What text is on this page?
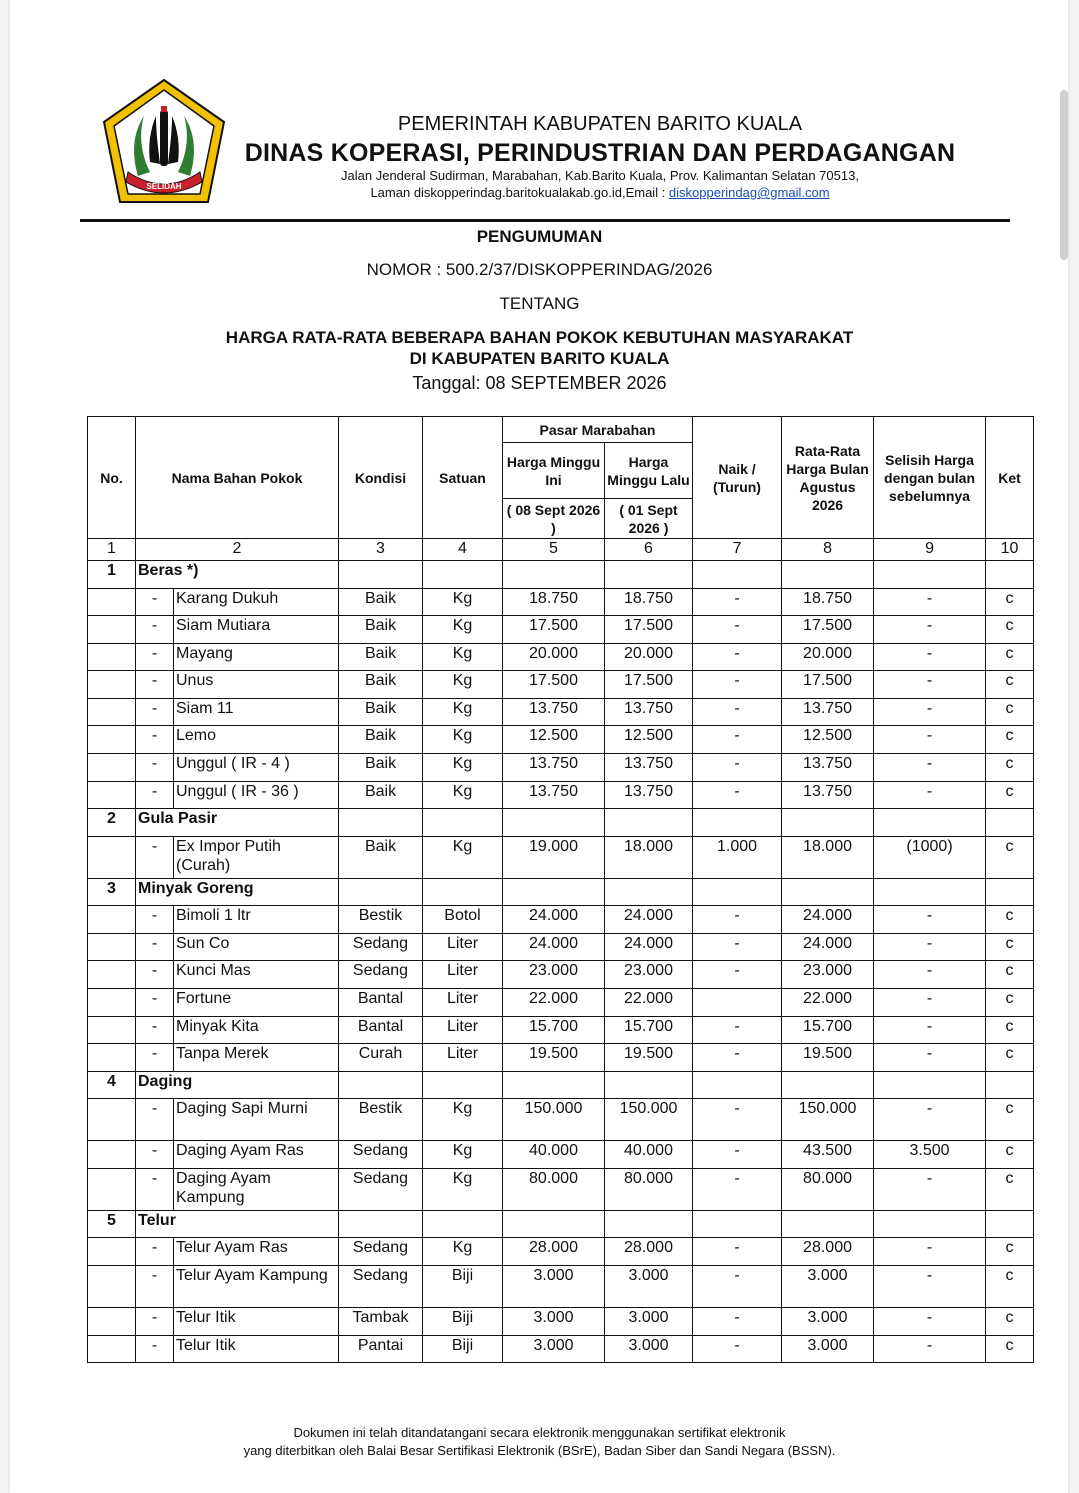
SELIDAH
PEMERINTAH KABUPATEN BARITO KUALA
DINAS KOPERASI, PERINDUSTRIAN DAN PERDAGANGAN
Jalan Jenderal Sudirman, Marabahan, Kab.Barito Kuala, Prov. Kalimantan Selatan 70513,
Laman diskopperindag.baritokualakab.go.id,Email : diskopperindag@gmail.com
PENGUMUMAN
NOMOR : 500.2/37/DISKOPPERINDAG/2026
TENTANG
HARGA RATA-RATA BEBERAPA BAHAN POKOK KEBUTUHAN MASYARAKAT
DI KABUPATEN BARITO KUALA
Tanggal: 08 SEPTEMBER 2026
No.	Nama Bahan Pokok		Kondisi	Satuan	Pasar Marabahan		Naik / (Turun)	Rata-Rata Harga Bulan Agustus 2026	Selisih Harga dengan bulan sebelumnya	Ket
					Harga Minggu Ini	Harga Minggu Lalu				
					( 08 Sept 2026 )	( 01 Sept 2026 )				
1	2		3	4	5	6	7	8	9	10
1	Beras *)									
	-	Karang Dukuh	Baik	Kg	18.750	18.750	-	18.750	-	c
	-	Siam Mutiara	Baik	Kg	17.500	17.500	-	17.500	-	c
	-	Mayang	Baik	Kg	20.000	20.000	-	20.000	-	c
	-	Unus	Baik	Kg	17.500	17.500	-	17.500	-	c
	-	Siam 11	Baik	Kg	13.750	13.750	-	13.750	-	c
	-	Lemo	Baik	Kg	12.500	12.500	-	12.500	-	c
	-	Unggul ( IR - 4 )	Baik	Kg	13.750	13.750	-	13.750	-	c
	-	Unggul ( IR - 36 )	Baik	Kg	13.750	13.750	-	13.750	-	c
2	Gula Pasir									
	-	Ex Impor Putih (Curah)	Baik	Kg	19.000	18.000	1.000	18.000	(1000)	c
3	Minyak Goreng									
	-	Bimoli 1 ltr	Bestik	Botol	24.000	24.000	-	24.000	-	c
	-	Sun Co	Sedang	Liter	24.000	24.000	-	24.000	-	c
	-	Kunci Mas	Sedang	Liter	23.000	23.000	-	23.000	-	c
	-	Fortune	Bantal	Liter	22.000	22.000		22.000	-	c
	-	Minyak Kita	Bantal	Liter	15.700	15.700	-	15.700	-	c
	-	Tanpa Merek	Curah	Liter	19.500	19.500	-	19.500	-	c
4	Daging									
	-	Daging Sapi Murni	Bestik	Kg	150.000	150.000	-	150.000	-	c
	-	Daging Ayam Ras	Sedang	Kg	40.000	40.000	-	43.500	3.500	c
	-	Daging Ayam Kampung	Sedang	Kg	80.000	80.000	-	80.000	-	c
5	Telur									
	-	Telur Ayam Ras	Sedang	Kg	28.000	28.000	-	28.000	-	c
	-	Telur Ayam Kampung	Sedang	Biji	3.000	3.000	-	3.000	-	c
	-	Telur Itik	Tambak	Biji	3.000	3.000	-	3.000	-	c
	-	Telur Itik	Pantai	Biji	3.000	3.000	-	3.000	-	c
Dokumen ini telah ditandatangani secara elektronik menggunakan sertifikat elektronik
yang diterbitkan oleh Balai Besar Sertifikasi Elektronik (BSrE), Badan Siber dan Sandi Negara (BSSN).
